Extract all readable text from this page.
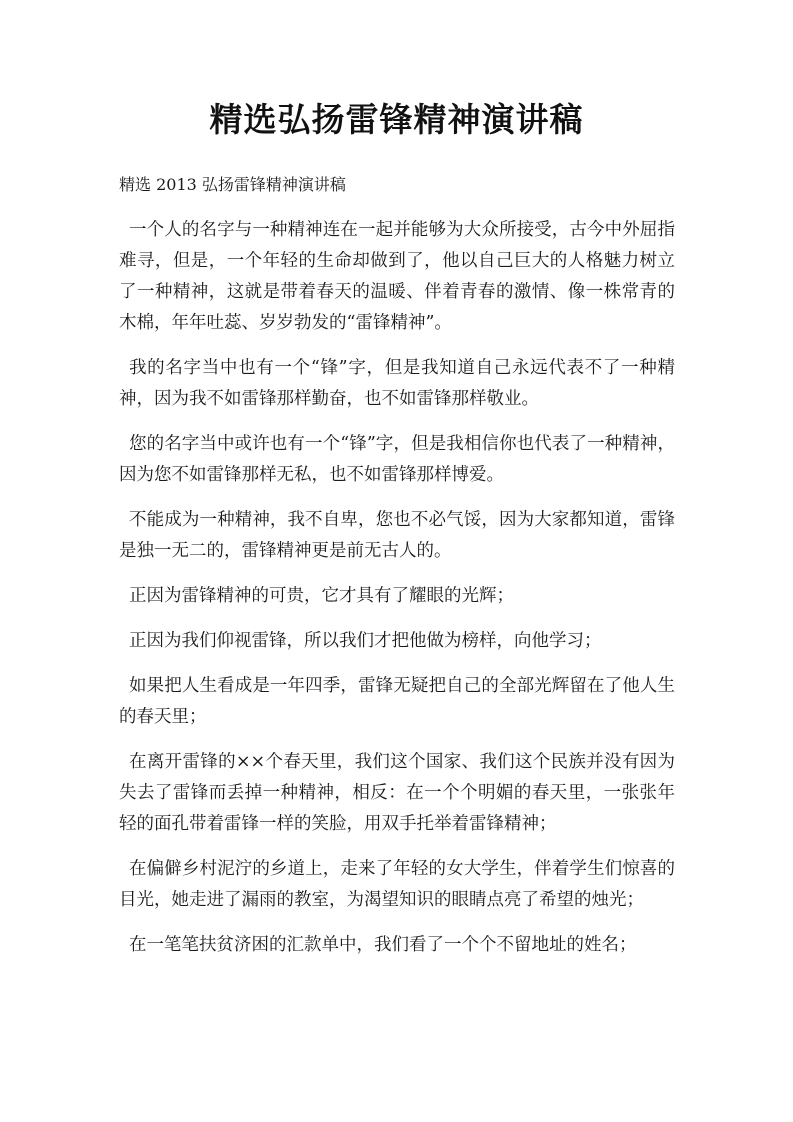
精选弘扬雷锋精神演讲稿
精选 2013 弘扬雷锋精神演讲稿

一个人的名字与一种精神连在一起并能够为大众所接受，古今中外屈指难寻，但是，一个年轻的生命却做到了，他以自己巨大的人格魅力树立了一种精神，这就是带着春天的温暖、伴着青春的激情、像一株常青的木棉，年年吐蕊、岁岁勃发的“雷锋精神”。

我的名字当中也有一个“锋”字，但是我知道自己永远代表不了一种精神，因为我不如雷锋那样勤奋，也不如雷锋那样敬业。

您的名字当中或许也有一个“锋”字，但是我相信你也代表了一种精神，因为您不如雷锋那样无私，也不如雷锋那样博爱。

不能成为一种精神，我不自卑，您也不必气馁，因为大家都知道，雷锋是独一无二的，雷锋精神更是前无古人的。

正因为雷锋精神的可贵，它才具有了耀眼的光辉；

正因为我们仰视雷锋，所以我们才把他做为榜样，向他学习；

如果把人生看成是一年四季，雷锋无疑把自己的全部光辉留在了他人生的春天里；

在离开雷锋的××个春天里，我们这个国家、我们这个民族并没有因为失去了雷锋而丢掉一种精神，相反：在一个个明媚的春天里，一张张年轻的面孔带着雷锋一样的笑脸，用双手托举着雷锋精神；

在偏僻乡村泥泞的乡道上，走来了年轻的女大学生，伴着学生们惊喜的目光，她走进了漏雨的教室，为渴望知识的眼睛点亮了希望的烛光；

在一笔笔扶贫济困的汇款单中，我们看了一个个不留地址的姓名；
